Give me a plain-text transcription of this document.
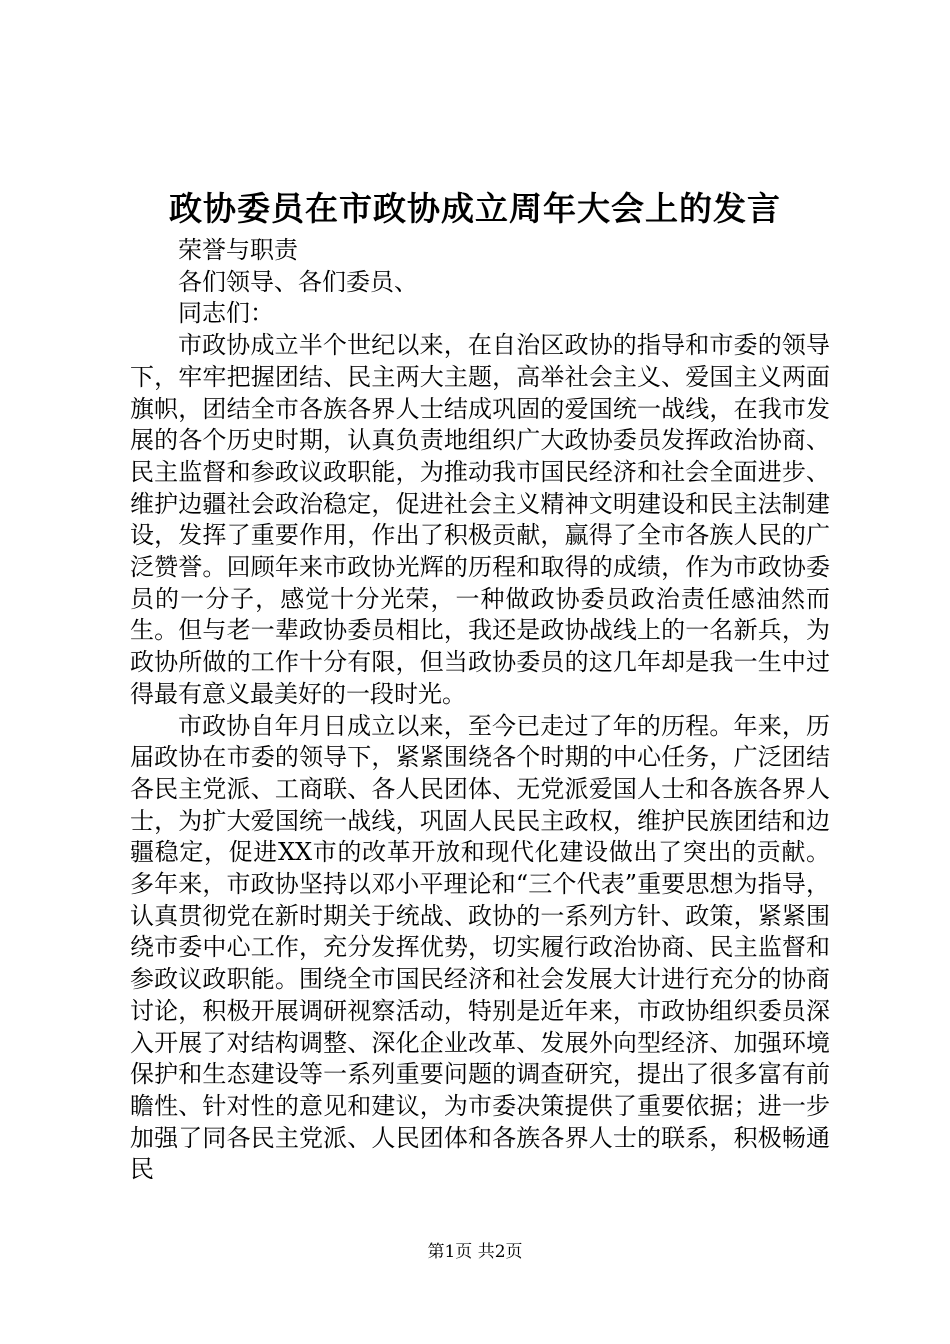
政协委员在市政协成立周年大会上的发言

荣誉与职责

各们领导、各们委员、

同志们：

市政协成立半个世纪以来，在自治区政协的指导和市委的领导下，牢牢把握团结、民主两大主题，高举社会主义、爱国主义两面旗帜，团结全市各族各界人士结成巩固的爱国统一战线，在我市发展的各个历史时期，认真负责地组织广大政协委员发挥政治协商、民主监督和参政议政职能，为推动我市国民经济和社会全面进步、维护边疆社会政治稳定，促进社会主义精神文明建设和民主法制建设，发挥了重要作用，作出了积极贡献，赢得了全市各族人民的广泛赞誉。回顾年来市政协光辉的历程和取得的成绩，作为市政协委员的一分子，感觉十分光荣，一种做政协委员政治责任感油然而生。但与老一辈政协委员相比，我还是政协战线上的一名新兵，为政协所做的工作十分有限，但当政协委员的这几年却是我一生中过得最有意义最美好的一段时光。

市政协自年月日成立以来，至今已走过了年的历程。年来，历届政协在市委的领导下，紧紧围绕各个时期的中心任务，广泛团结各民主党派、工商联、各人民团体、无党派爱国人士和各族各界人士，为扩大爱国统一战线，巩固人民民主政权，维护民族团结和边疆稳定，促进XX市的改革开放和现代化建设做出了突出的贡献。多年来，市政协坚持以邓小平理论和“三个代表”重要思想为指导，认真贯彻党在新时期关于统战、政协的一系列方针、政策，紧紧围绕市委中心工作，充分发挥优势，切实履行政治协商、民主监督和参政议政职能。围绕全市国民经济和社会发展大计进行充分的协商讨论，积极开展调研视察活动，特别是近年来，市政协组织委员深入开展了对结构调整、深化企业改革、发展外向型经济、加强环境保护和生态建设等一系列重要问题的调查研究，提出了很多富有前瞻性、针对性的意见和建议，为市委决策提供了重要依据；进一步加强了同各民主党派、人民团体和各族各界人士的联系，积极畅通民

第1页 共2页
